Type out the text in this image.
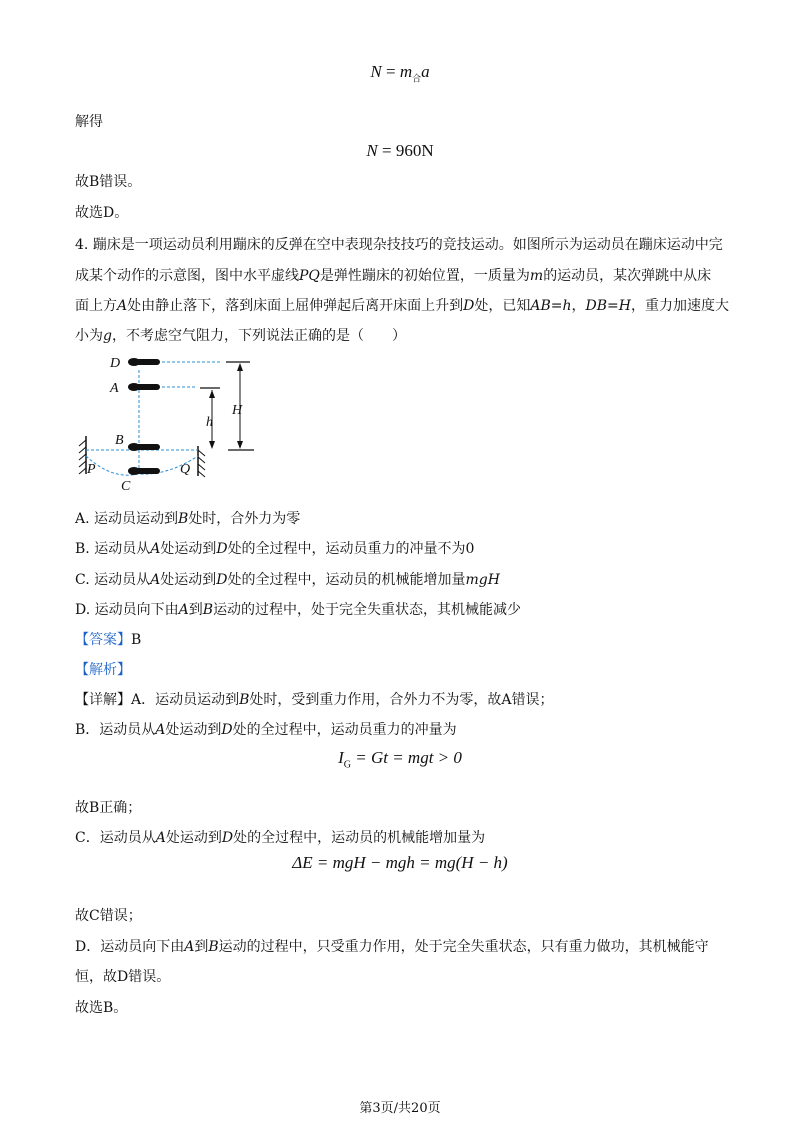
$N = m_合a$
解得
N = 960N
故B错误。
故选D。
4. 蹦床是一项运动员利用蹦床的反弹在空中表现杂技技巧的竞技运动。如图所示为运动员在蹦床运动中完
成某个动作的示意图，图中水平虚线PQ是弹性蹦床的初始位置，一质量为m的运动员，某次弹跳中从床
面上方A处由静止落下，落到床面上屈伸弹起后离开床面上升到D处，已知AB=h，DB=H，重力加速度大
小为g，不考虑空气阻力，下列说法正确的是（　　）
D
A
B
C
P	Q
h
H
A. 运动员运动到B处时，合外力为零
B. 运动员从A处运动到D处的全过程中，运动员重力的冲量不为0
C. 运动员从A处运动到D处的全过程中，运动员的机械能增加量mgH
D. 运动员向下由A到B运动的过程中，处于完全失重状态，其机械能减少
【答案】B
【解析】
【详解】A．运动员运动到B处时，受到重力作用，合外力不为零，故A错误；
B．运动员从A处运动到D处的全过程中，运动员重力的冲量为
$I_G = Gt$ = mgt > 0
故B正确；
C．运动员从A处运动到D处的全过程中，运动员的机械能增加量为
ΔE = mgH − mgh = mg(H − h)
故C错误；
D．运动员向下由A到B运动的过程中，只受重力作用，处于完全失重状态，只有重力做功，其机械能守
恒，故D错误。
故选B。
第3页/共20页
